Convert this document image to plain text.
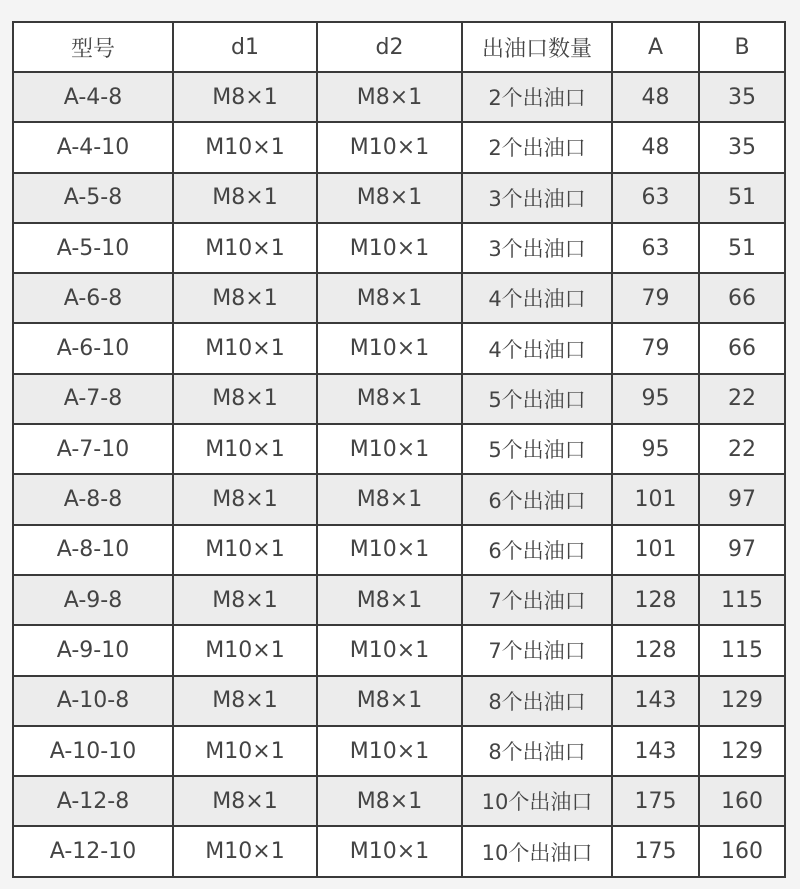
型号	d1	d2	出油口数量	A	B
A-4-8	M8×1	M8×1	2个出油口	48	35
A-4-10	M10×1	M10×1	2个出油口	48	35
A-5-8	M8×1	M8×1	3个出油口	63	51
A-5-10	M10×1	M10×1	3个出油口	63	51
A-6-8	M8×1	M8×1	4个出油口	79	66
A-6-10	M10×1	M10×1	4个出油口	79	66
A-7-8	M8×1	M8×1	5个出油口	95	22
A-7-10	M10×1	M10×1	5个出油口	95	22
A-8-8	M8×1	M8×1	6个出油口	101	97
A-8-10	M10×1	M10×1	6个出油口	101	97
A-9-8	M8×1	M8×1	7个出油口	128	115
A-9-10	M10×1	M10×1	7个出油口	128	115
A-10-8	M8×1	M8×1	8个出油口	143	129
A-10-10	M10×1	M10×1	8个出油口	143	129
A-12-8	M8×1	M8×1	10个出油口	175	160
A-12-10	M10×1	M10×1	10个出油口	175	160
